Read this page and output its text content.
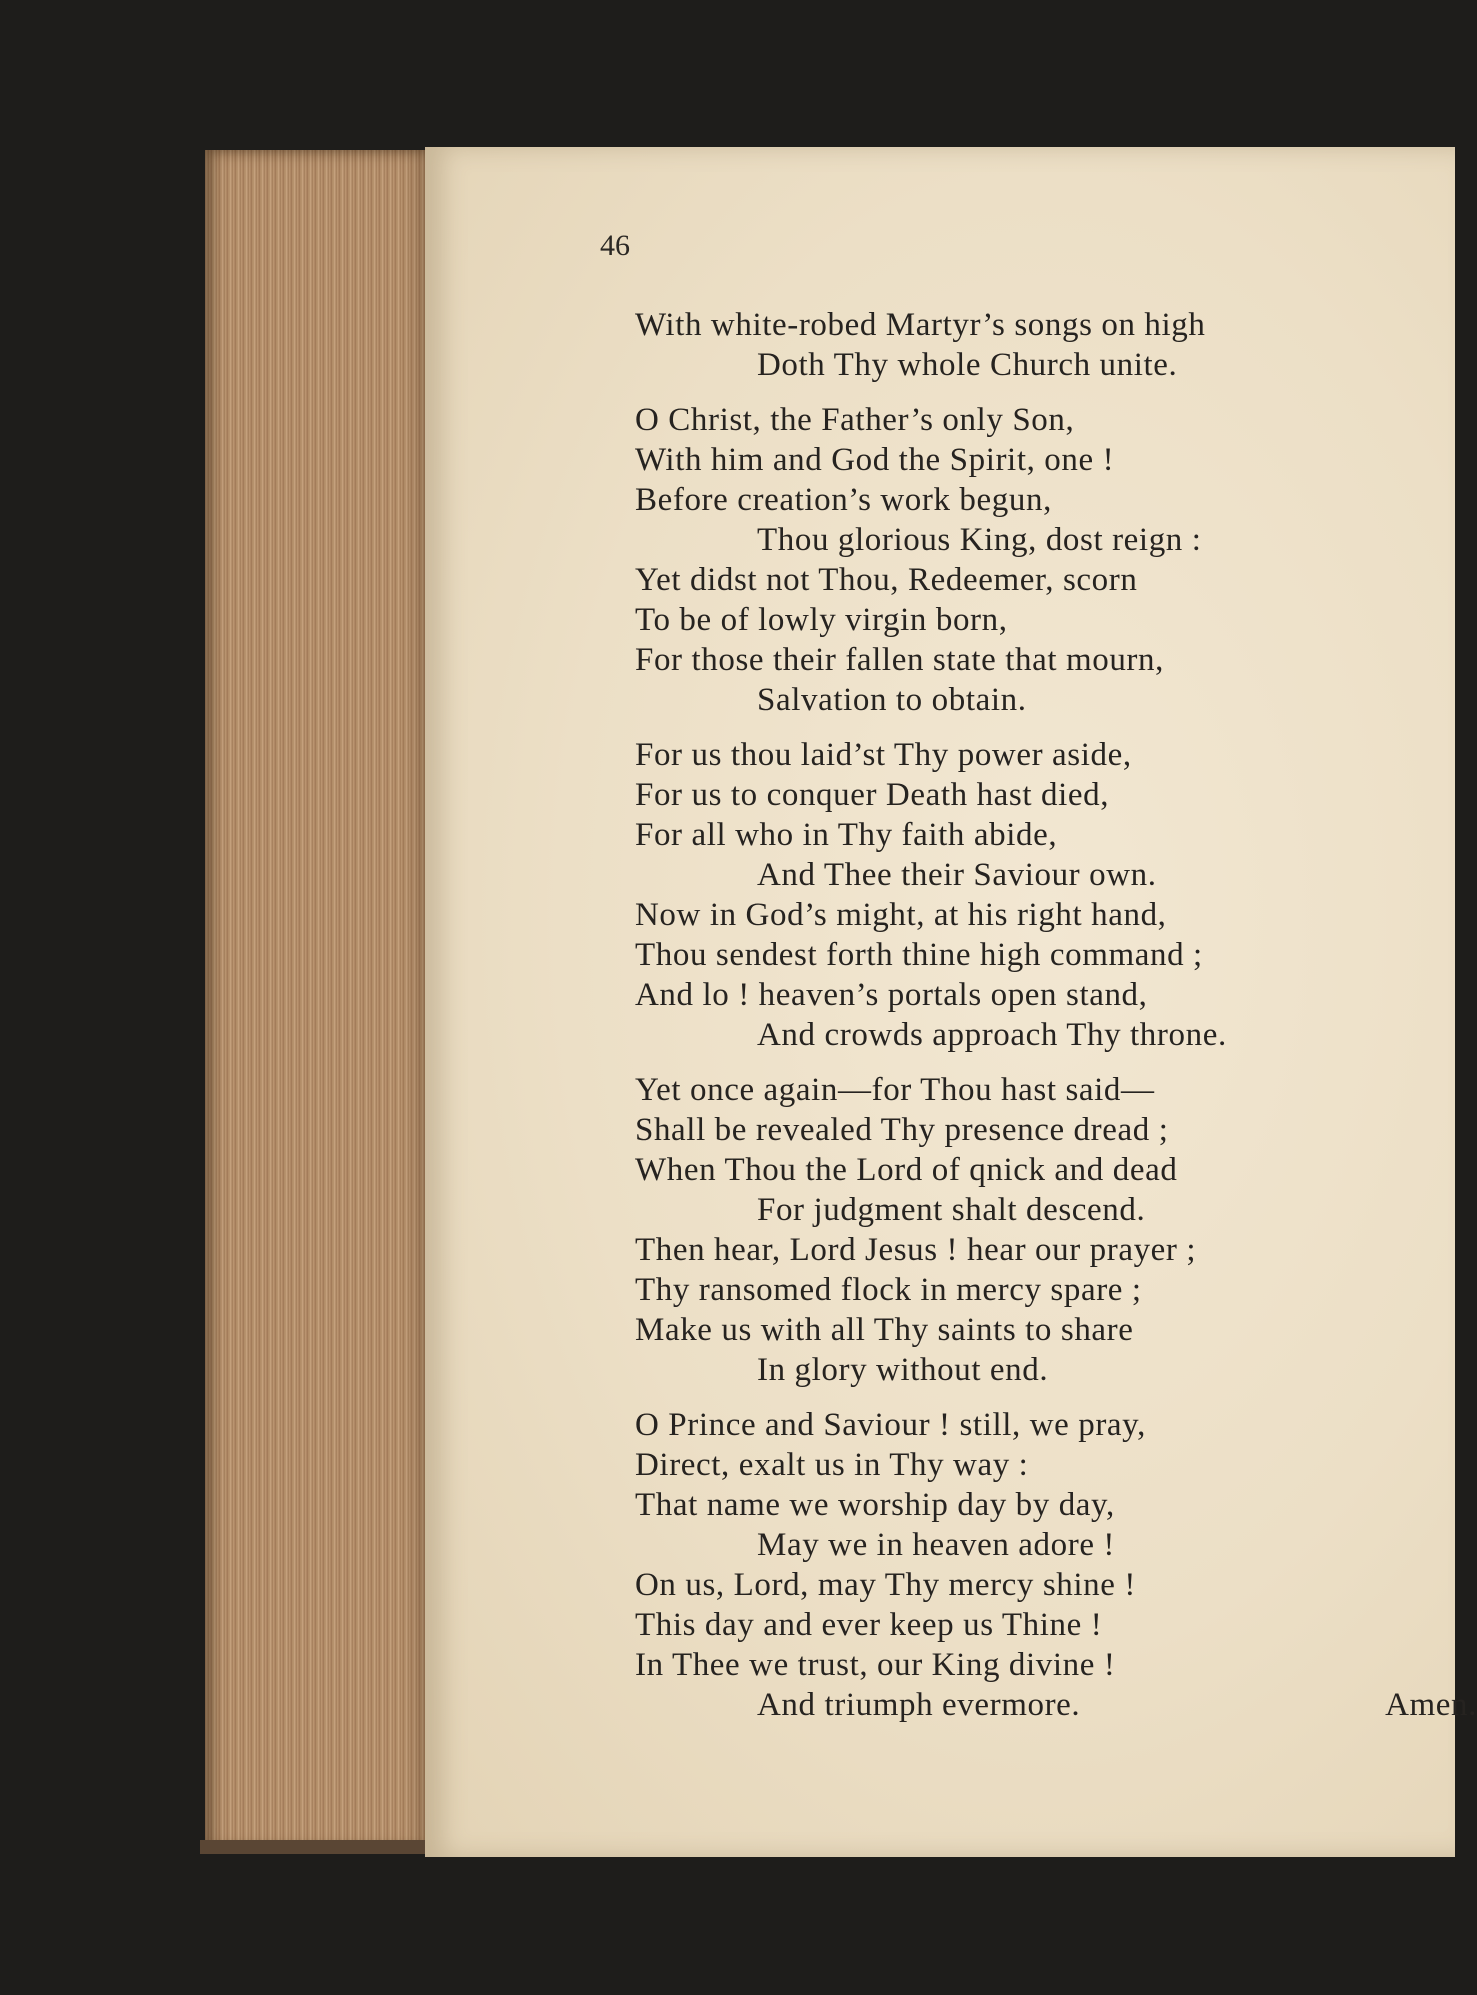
46
With white-robed Martyr’s songs on high
Doth Thy whole Church unite.
O Christ, the Father’s only Son,
With him and God the Spirit, one !
Before creation’s work begun,
Thou glorious King, dost reign :
Yet didst not Thou, Redeemer, scorn
To be of lowly virgin born,
For those their fallen state that mourn,
Salvation to obtain.
For us thou laid’st Thy power aside,
For us to conquer Death hast died,
For all who in Thy faith abide,
And Thee their Saviour own.
Now in God’s might, at his right hand,
Thou sendest forth thine high command ;
And lo ! heaven’s portals open stand,
And crowds approach Thy throne.
Yet once again—for Thou hast said—
Shall be revealed Thy presence dread ;
When Thou the Lord of qnick and dead
For judgment shalt descend.
Then hear, Lord Jesus ! hear our prayer ;
Thy ransomed flock in mercy spare ;
Make us with all Thy saints to share
In glory without end.
O Prince and Saviour ! still, we pray,
Direct, exalt us in Thy way :
That name we worship day by day,
May we in heaven adore !
On us, Lord, may Thy mercy shine !
This day and ever keep us Thine !
In Thee we trust, our King divine !
And triumph evermore.	Amen.
